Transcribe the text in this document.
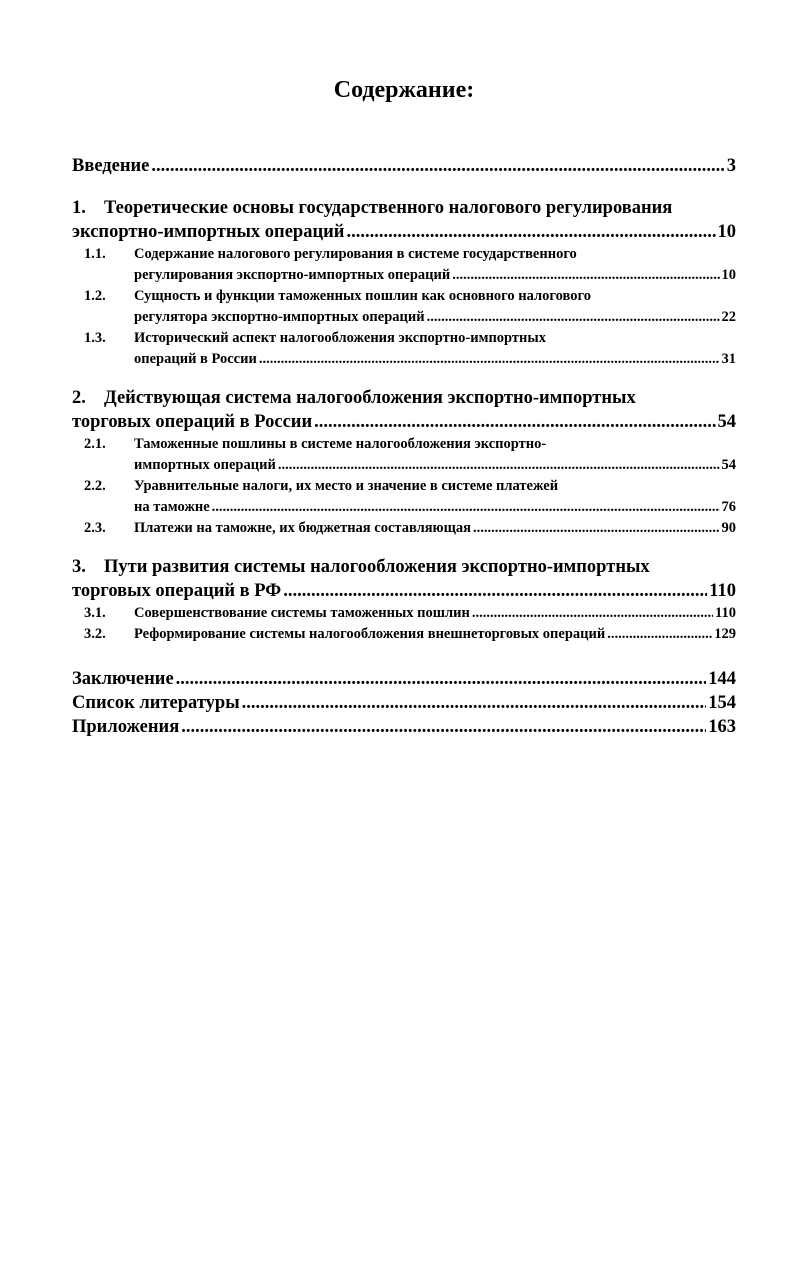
Содержание:
Введение .....	3
1. Теоретические основы государственного налогового регулирования
экспортно-импортных операций .....	10
1.1.	Содержание налогового регулирования в системе государственного
регулирования экспортно-импортных операций .....	10
1.2.	Сущность и функции таможенных пошлин как основного налогового
регулятора экспортно-импортных операций .....	22
1.3.	Исторический аспект налогообложения экспортно-импортных
операций в России .....	31
2. Действующая система налогообложения экспортно-импортных
торговых операций в России .....	54
2.1.	Таможенные пошлины в системе налогообложения экспортно-
импортных операций .....	54
2.2.	Уравнительные налоги, их место и значение в системе платежей
на таможне .....	76
2.3.	Платежи на таможне, их бюджетная составляющая .....	90
3. Пути развития системы налогообложения экспортно-импортных
торговых операций в РФ .....	110
3.1.	Совершенствование системы таможенных пошлин .....	110
3.2.	Реформирование системы налогообложения внешнеторговых операций .....	129
Заключение .....	144
Список литературы .....	154
Приложения .....	163
